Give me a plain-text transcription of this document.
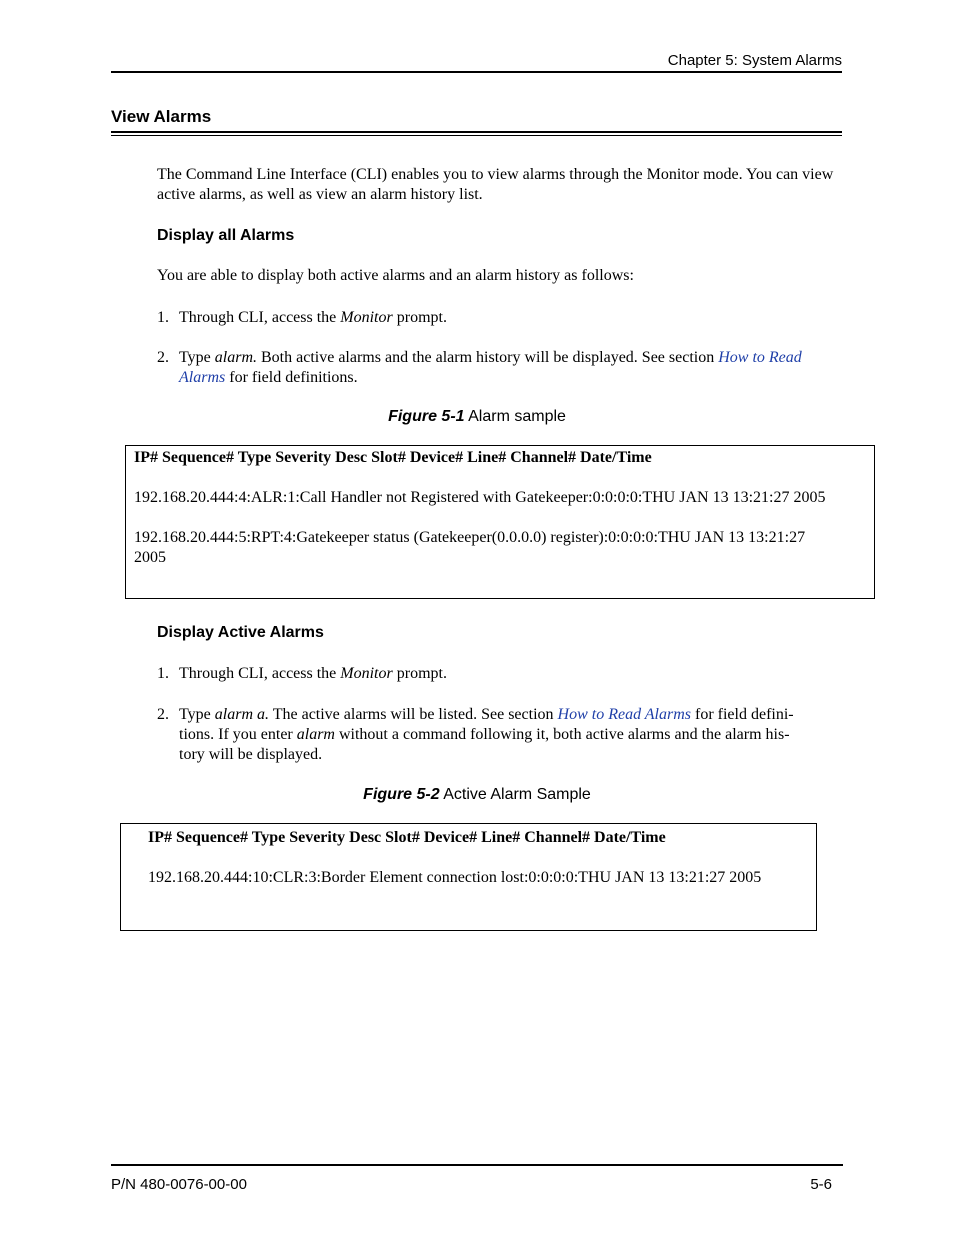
Chapter 5: System Alarms
View Alarms
The Command Line Interface (CLI) enables you to view alarms through the Monitor mode. You can view active alarms, as well as view an alarm history list.
Display all Alarms
You are able to display both active alarms and an alarm history as follows:
1. Through CLI, access the Monitor prompt.
2. Type alarm. Both active alarms and the alarm history will be displayed. See section How to Read
Alarms for field definitions.
Figure 5-1 Alarm sample
IP# Sequence# Type Severity Desc Slot# Device# Line# Channel# Date/Time
192.168.20.444:4:ALR:1:Call Handler not Registered with Gatekeeper:0:0:0:0:THU JAN 13 13:21:27 2005
192.168.20.444:5:RPT:4:Gatekeeper status (Gatekeeper(0.0.0.0) register):0:0:0:0:THU JAN 13 13:21:27
2005
Display Active Alarms
1. Through CLI, access the Monitor prompt.
2. Type alarm a. The active alarms will be listed. See section How to Read Alarms for field defini-
tions. If you enter alarm without a command following it, both active alarms and the alarm his-
tory will be displayed.
Figure 5-2 Active Alarm Sample
IP# Sequence# Type Severity Desc Slot# Device# Line# Channel# Date/Time
192.168.20.444:10:CLR:3:Border Element connection lost:0:0:0:0:THU JAN 13 13:21:27 2005
P/N 480-0076-00-00	5-6
